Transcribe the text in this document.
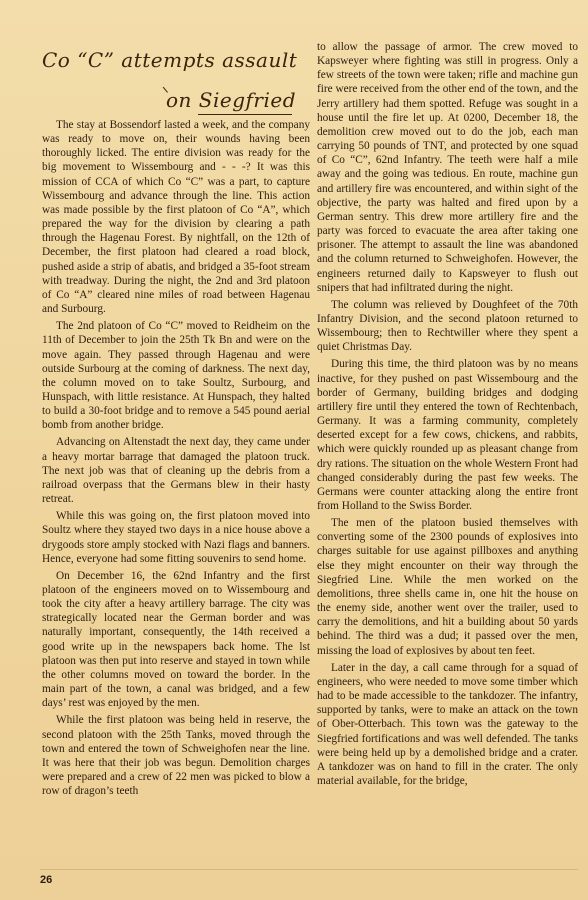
Co “C” attempts assault
on Siegfried

The stay at Bossendorf lasted a week, and the company was ready to move on, their wounds having been thoroughly licked. The entire division was ready for the big movement to Wissembourg and - - -? It was this mission of CCA of which Co “C” was a part, to capture Wissembourg and advance through the line. This action was made possible by the first platoon of Co “A”, which prepared the way for the division by clearing a path through the Hagenau Forest. By nightfall, on the 12th of December, the first platoon had cleared a road block, pushed aside a strip of abatis, and bridged a 35-foot stream with treadway. During the night, the 2nd and 3rd platoon of Co “A” cleared nine miles of road between Hagenau and Surbourg.

The 2nd platoon of Co “C” moved to Reidheim on the 11th of December to join the 25th Tk Bn and were on the move again. They passed through Hagenau and were outside Surbourg at the coming of darkness. The next day, the column moved on to take Soultz, Surbourg, and Hunspach, with little resistance. At Hunspach, they halted to build a 30-foot bridge and to remove a 545 pound aerial bomb from another bridge.

Advancing on Altenstadt the next day, they came under a heavy mortar barrage that damaged the platoon truck. The next job was that of cleaning up the debris from a railroad overpass that the Germans blew in their hasty retreat.

While this was going on, the first platoon moved into Soultz where they stayed two days in a nice house above a drygoods store amply stocked with Nazi flags and banners. Hence, everyone had some fitting souvenirs to send home.

On December 16, the 62nd Infantry and the first platoon of the engineers moved on to Wissembourg and took the city after a heavy artillery barrage. The city was strategically located near the German border and was naturally important, consequently, the 14th received a good write up in the newspapers back home. The lst platoon was then put into reserve and stayed in town while the other columns moved on toward the border. In the main part of the town, a canal was bridged, and a few days’ rest was enjoyed by the men.

While the first platoon was being held in reserve, the second platoon with the 25th Tanks, moved through the town and entered the town of Schweighofen near the line. It was here that their job was begun. Demolition charges were prepared and a crew of 22 men was picked to blow a row of dragon’s teeth

to allow the passage of armor. The crew moved to Kapsweyer where fighting was still in progress. Only a few streets of the town were taken; rifle and machine gun fire were received from the other end of the town, and the Jerry artillery had them spotted. Refuge was sought in a house until the fire let up. At 0200, December 18, the demolition crew moved out to do the job, each man carrying 50 pounds of TNT, and protected by one squad of Co “C”, 62nd Infantry. The teeth were half a mile away and the going was tedious. En route, machine gun and artillery fire was encountered, and within sight of the objective, the party was halted and fired upon by a German sentry. This drew more artillery fire and the party was forced to evacuate the area after taking one prisoner. The attempt to assault the line was abandoned and the column returned to Schweighofen. However, the engineers returned daily to Kapsweyer to flush out snipers that had infiltrated during the night.

The column was relieved by Doughfeet of the 70th Infantry Division, and the second platoon returned to Wissembourg; then to Rechtwiller where they spent a quiet Christmas Day.

During this time, the third platoon was by no means inactive, for they pushed on past Wissembourg and the border of Germany, building bridges and dodging artillery fire until they entered the town of Rechtenbach, Germany. It was a farming community, completely deserted except for a few cows, chickens, and rabbits, which were quickly rounded up as pleasant change from dry rations. The situation on the whole Western Front had changed considerably during the past few weeks. The Germans were counter attacking along the entire front from Holland to the Swiss Border.

The men of the platoon busied themselves with converting some of the 2300 pounds of explosives into charges suitable for use against pillboxes and anything else they might encounter on their way through the Siegfried Line. While the men worked on the demolitions, three shells came in, one hit the house on the enemy side, another went over the trailer, used to carry the demolitions, and hit a building about 50 yards behind. The third was a dud; it passed over the men, missing the load of explosives by about ten feet.

Later in the day, a call came through for a squad of engineers, who were needed to move some timber which had to be made accessible to the tankdozer. The infantry, supported by tanks, were to make an attack on the town of Ober-Otterbach. This town was the gateway to the Siegfried fortifications and was well defended. The tanks were being held up by a demolished bridge and a crater. A tankdozer was on hand to fill in the crater. The only material available, for the bridge,

26
